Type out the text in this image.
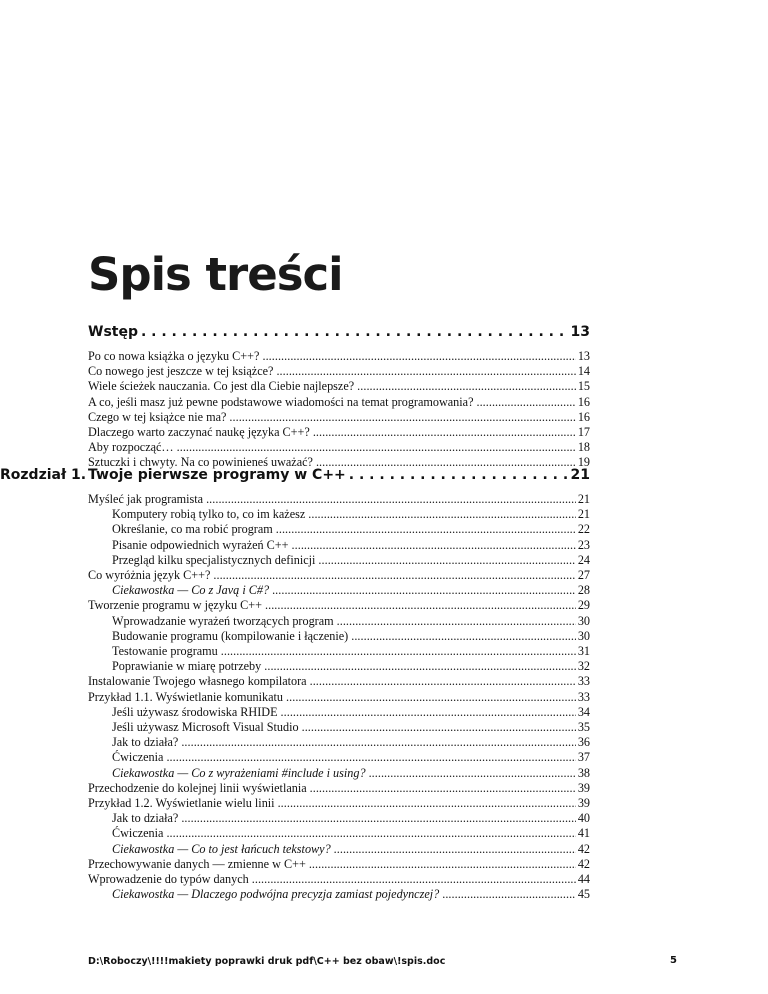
Spis treści
Wstęp . . .	13
Po co nowa książka o języku C++? . . .	13
Co nowego jest jeszcze w tej książce? . . .	14
Wiele ścieżek nauczania. Co jest dla Ciebie najlepsze? . . .	15
A co, jeśli masz już pewne podstawowe wiadomości na temat programowania? . . .	16
Czego w tej książce nie ma? . . .	16
Dlaczego warto zaczynać naukę języka C++? . . .	17
Aby rozpocząć… . . .	18
Sztuczki i chwyty. Na co powinieneś uważać? . . .	19
Rozdział 1. Twoje pierwsze programy w C++ . . .	21
Myśleć jak programista . . .	21
Komputery robią tylko to, co im każesz . . .	21
Określanie, co ma robić program . . .	22
Pisanie odpowiednich wyrażeń C++ . . .	23
Przegląd kilku specjalistycznych definicji . . .	24
Co wyróżnia język C++? . . .	27
Ciekawostka — Co z Javą i C#? . . .	28
Tworzenie programu w języku C++ . . .	29
Wprowadzanie wyrażeń tworzących program . . .	30
Budowanie programu (kompilowanie i łączenie) . . .	30
Testowanie programu . . .	31
Poprawianie w miarę potrzeby . . .	32
Instalowanie Twojego własnego kompilatora . . .	33
Przykład 1.1. Wyświetlanie komunikatu . . .	33
Jeśli używasz środowiska RHIDE . . .	34
Jeśli używasz Microsoft Visual Studio . . .	35
Jak to działa? . . .	36
Ćwiczenia . . .	37
Ciekawostka — Co z wyrażeniami #include i using? . . .	38
Przechodzenie do kolejnej linii wyświetlania . . .	39
Przykład 1.2. Wyświetlanie wielu linii . . .	39
Jak to działa? . . .	40
Ćwiczenia . . .	41
Ciekawostka — Co to jest łańcuch tekstowy? . . .	42
Przechowywanie danych — zmienne w C++ . . .	42
Wprowadzenie do typów danych . . .	44
Ciekawostka — Dlaczego podwójna precyzja zamiast pojedynczej? . . .	45
D:\Roboczy\!!!!makiety poprawki druk pdf\C++ bez obaw\!spis.doc	5
